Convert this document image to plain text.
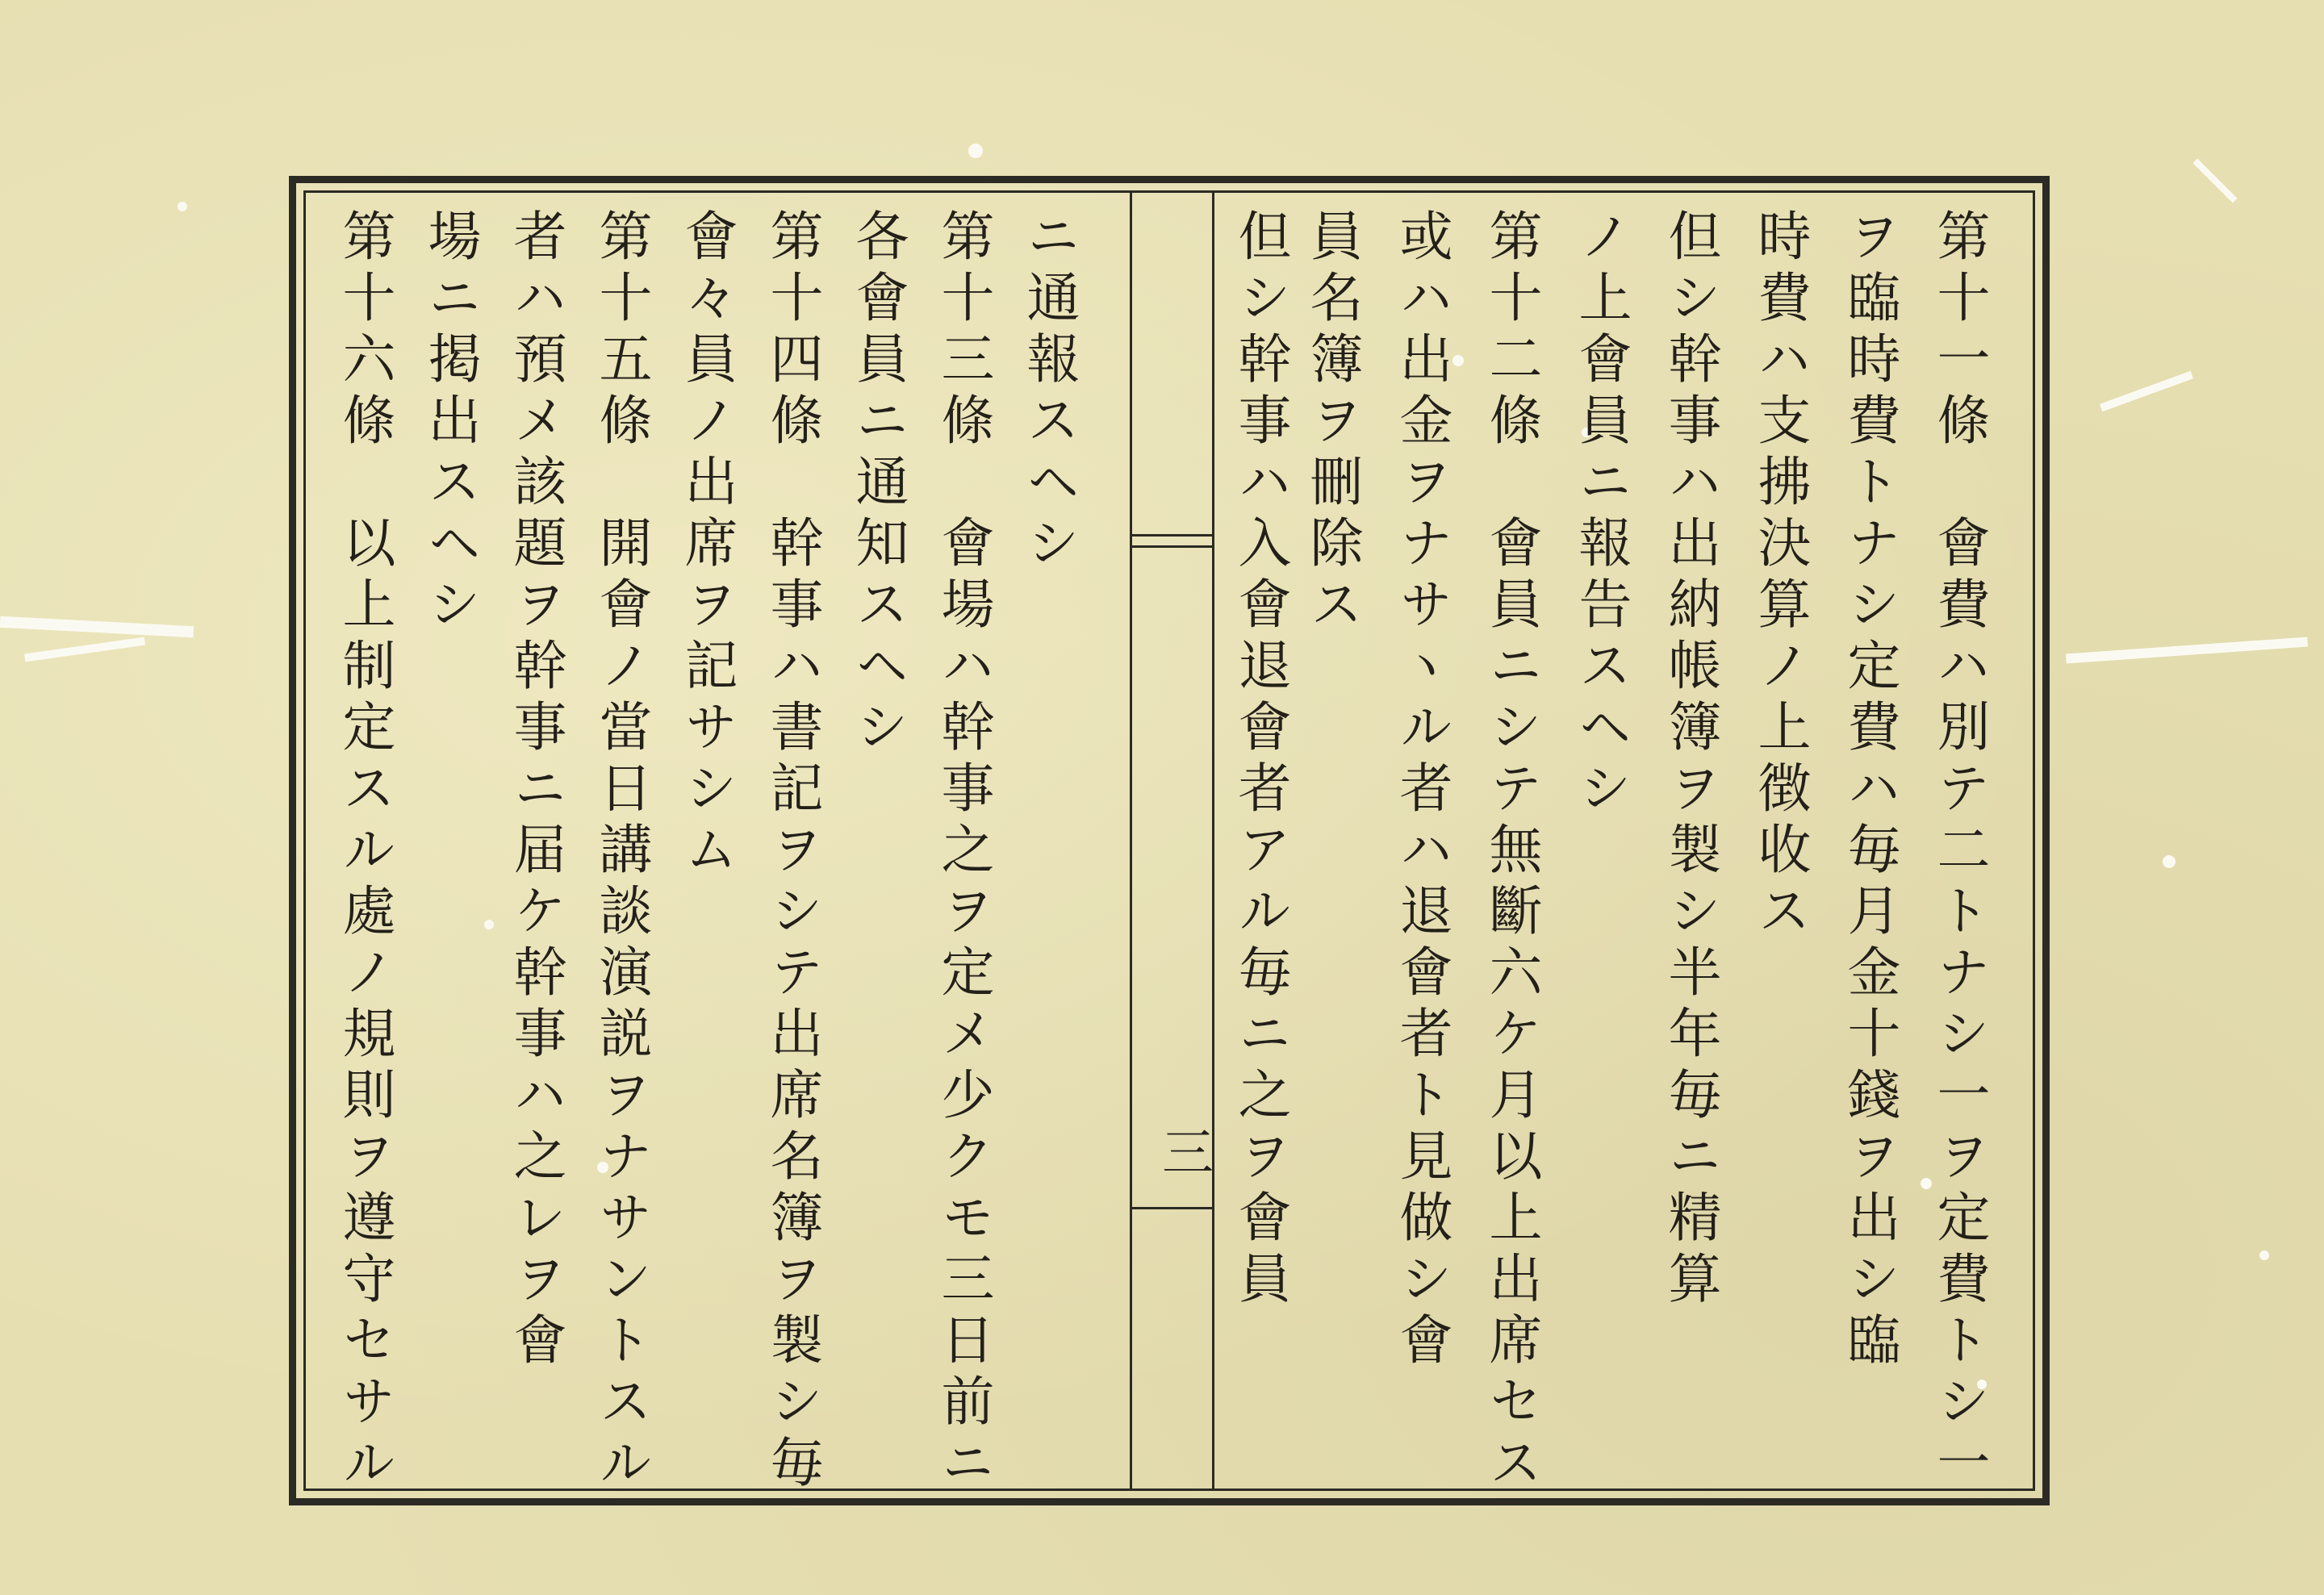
三	第十一條　會費ハ別テ二トナシ一ヲ定費トシ一
ヲ臨時費トナシ定費ハ毎月金十錢ヲ出シ臨
時費ハ支拂決算ノ上徴收ス
但シ幹事ハ出納帳簿ヲ製シ半年毎ニ精算
ノ上會員ニ報告スヘシ
第十二條　會員ニシテ無斷六ケ月以上出席セス
或ハ出金ヲナサヽル者ハ退會者ト見做シ會
員名簿ヲ刪除ス
但シ幹事ハ入會退會者アル毎ニ之ヲ會員
ニ通報スヘシ
第十三條　會場ハ幹事之ヲ定メ少クモ三日前ニ
各會員ニ通知スヘシ
第十四條　幹事ハ書記ヲシテ出席名簿ヲ製シ毎
會々員ノ出席ヲ記サシム
第十五條　開會ノ當日講談演説ヲナサントスル
者ハ預メ該題ヲ幹事ニ届ケ幹事ハ之レヲ會
場ニ掲出スヘシ
第十六條　以上制定スル處ノ規則ヲ遵守セサル
